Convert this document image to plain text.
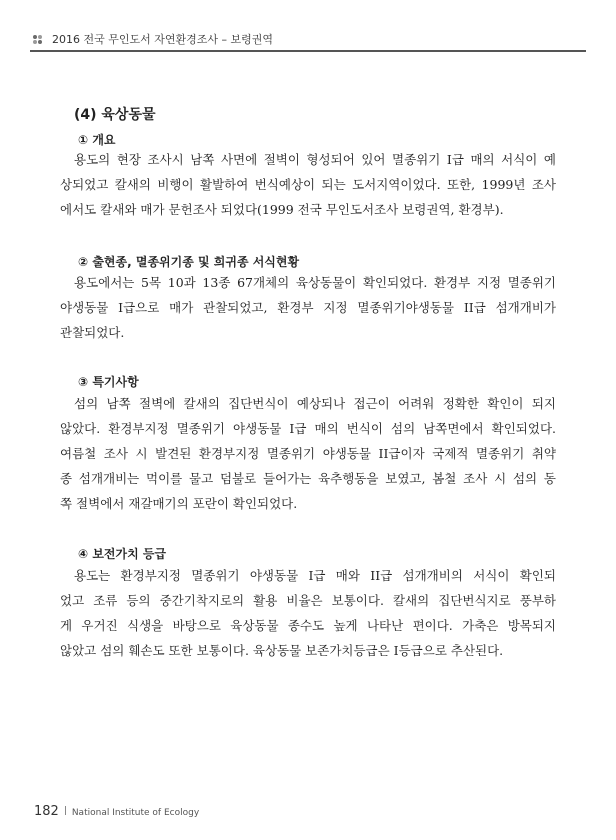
2016 전국 무인도서 자연환경조사 – 보령권역
(4) 육상동물
① 개요

용도의 현장 조사시 남쪽 사면에 절벽이 형성되어 있어 멸종위기 I급 매의 서식이 예
상되었고 칼새의 비행이 활발하여 번식예상이 되는 도서지역이었다. 또한, 1999년 조사
에서도 칼새와 매가 문헌조사 되었다(1999 전국 무인도서조사 보령권역, 환경부).

② 출현종, 멸종위기종 및 희귀종 서식현황

용도에서는 5목 10과 13종 67개체의 육상동물이 확인되었다. 환경부 지정 멸종위기
야생동물 I급으로 매가 관찰되었고, 환경부 지정 멸종위기야생동물 II급 섬개개비가
관찰되었다.

③ 특기사항

섬의 남쪽 절벽에 칼새의 집단번식이 예상되나 접근이 어려워 정확한 확인이 되지
않았다. 환경부지정 멸종위기 야생동물 I급 매의 번식이 섬의 남쪽면에서 확인되었다.
여름철 조사 시 발견된 환경부지정 멸종위기 야생동물 II급이자 국제적 멸종위기 취약
종 섬개개비는 먹이를 물고 덤불로 들어가는 육추행동을 보였고, 봄철 조사 시 섬의 동
쪽 절벽에서 재갈매기의 포란이 확인되었다.

④ 보전가치 등급

용도는 환경부지정 멸종위기 야생동물 I급 매와 II급 섬개개비의 서식이 확인되
었고 조류 등의 중간기착지로의 활용 비율은 보통이다. 칼새의 집단번식지로 풍부하
게 우거진 식생을 바탕으로 육상동물 종수도 높게 나타난 편이다. 가축은 방목되지
않았고 섬의 훼손도 또한 보통이다. 육상동물 보존가치등급은 I등급으로 추산된다.

182 National Institute of Ecology
